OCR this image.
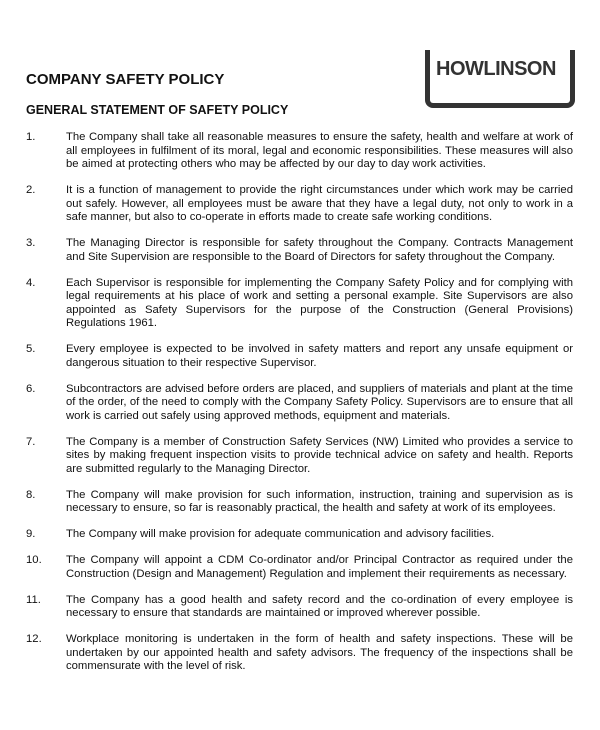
HOWLINSON
COMPANY SAFETY POLICY
GENERAL STATEMENT OF SAFETY POLICY
1.	The Company shall take all reasonable measures to ensure the safety, health and welfare at work of all employees in fulfilment of its moral, legal and economic responsibilities. These measures will also be aimed at protecting others who may be affected by our day to day work activities.
2.	It is a function of management to provide the right circumstances under which work may be carried out safely. However, all employees must be aware that they have a legal duty, not only to work in a safe manner, but also to co-operate in efforts made to create safe working conditions.
3.	The Managing Director is responsible for safety throughout the Company. Contracts Management and Site Supervision are responsible to the Board of Directors for safety throughout the Company.
4.	Each Supervisor is responsible for implementing the Company Safety Policy and for complying with legal requirements at his place of work and setting a personal example. Site Supervisors are also appointed as Safety Supervisors for the purpose of the Construction (General Provisions) Regulations 1961.
5.	Every employee is expected to be involved in safety matters and report any unsafe equipment or dangerous situation to their respective Supervisor.
6.	Subcontractors are advised before orders are placed, and suppliers of materials and plant at the time of the order, of the need to comply with the Company Safety Policy. Supervisors are to ensure that all work is carried out safely using approved methods, equipment and materials.
7.	The Company is a member of Construction Safety Services (NW) Limited who provides a service to sites by making frequent inspection visits to provide technical advice on safety and health. Reports are submitted regularly to the Managing Director.
8.	The Company will make provision for such information, instruction, training and supervision as is necessary to ensure, so far is reasonably practical, the health and safety at work of its employees.
9.	The Company will make provision for adequate communication and advisory facilities.
10.	The Company will appoint a CDM Co-ordinator and/or Principal Contractor as required under the Construction (Design and Management) Regulation and implement their requirements as necessary.
11.	The Company has a good health and safety record and the co-ordination of every employee is necessary to ensure that standards are maintained or improved wherever possible.
12.	Workplace monitoring is undertaken in the form of health and safety inspections. These will be undertaken by our appointed health and safety advisors. The frequency of the inspections shall be commensurate with the level of risk.
